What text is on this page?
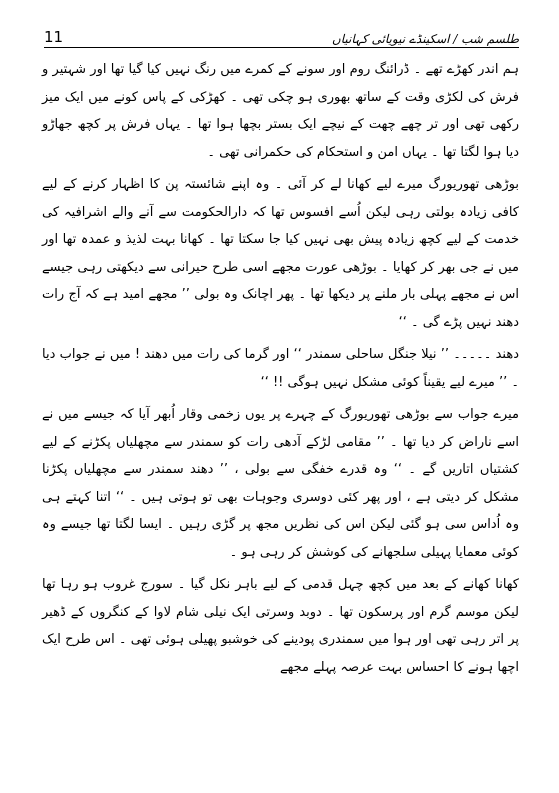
11	طلسمِ شب / اسکینڈے نیویائی کہانیاں

ہم اندر کھڑے تھے ۔ ڈرائنگ روم اور سونے کے کمرے میں رنگ نہیں کیا گیا تھا اور شہتیر و فرش کی لکڑی وقت کے ساتھ بھوری ہو چکی تھی ۔ کھڑکی کے پاس کونے میں ایک میز رکھی تھی اور تر چھے چھت کے نیچے ایک بستر بچھا ہوا تھا ۔ یہاں فرش پر کچھ جھاڑو دیا ہوا لگتا تھا ۔ یہاں امن و استحکام کی حکمرانی تھی ۔

بوڑھی تھوریورگ میرے لیے کھانا لے کر آئی ۔ وہ اپنے شائستہ پن کا اظہار کرنے کے لیے کافی زیادہ بولتی رہی لیکن اُسے افسوس تھا کہ دارالحکومت سے آنے والے اشرافیہ کی خدمت کے لیے کچھ زیادہ پیش بھی نہیں کیا جا سکتا تھا ۔ کھانا بہت لذیذ و عمدہ تھا اور میں نے جی بھر کر کھایا ۔ بوڑھی عورت مجھے اسی طرح حیرانی سے دیکھتی رہی جیسے اس نے مجھے پہلی بار ملنے پر دیکھا تھا ۔ پھر اچانک وہ بولی ’’ مجھے امید ہے کہ آج رات دھند نہیں پڑے گی ۔ ‘‘

دھند ۔۔۔۔۔ ’’ نیلا جنگل ساحلی سمندر ‘‘ اور گرما کی رات میں دھند ! میں نے جواب دیا ۔ ’’ میرے لیے یقیناً کوئی مشکل نہیں ہوگی !! ‘‘

میرے جواب سے بوڑھی تھوریورگ کے چہرے پر یوں زخمی وقار اُبھر آیا کہ جیسے میں نے اسے ناراض کر دیا تھا ۔ ’’ مقامی لڑکے آدھی رات کو سمندر سے مچھلیاں پکڑنے کے لیے کشتیاں اتاریں گے ۔ ‘‘ وہ قدرے خفگی سے بولی ، ’’ دھند سمندر سے مچھلیاں پکڑنا مشکل کر دیتی ہے ، اور پھر کئی دوسری وجوہات بھی تو ہوتی ہیں ۔ ‘‘ اتنا کہتے ہی وہ اُداس سی ہو گئی لیکن اس کی نظریں مجھ پر گڑی رہیں ۔ ایسا لگتا تھا جیسے وہ کوئی معمایا پہیلی سلجھانے کی کوشش کر رہی ہو ۔

کھانا کھانے کے بعد میں کچھ چہل قدمی کے لیے باہر نکل گیا ۔ سورج غروب ہو رہا تھا لیکن موسم گرم اور پرسکون تھا ۔ دوبد وسرتی ایک نیلی شام لاوا کے کنگروں کے ڈھیر پر اتر رہی تھی اور ہوا میں سمندری پودینے کی خوشبو پھیلی ہوئی تھی ۔ اس طرح ایک اچھا ہونے کا احساس بہت عرصہ پہلے مجھے
